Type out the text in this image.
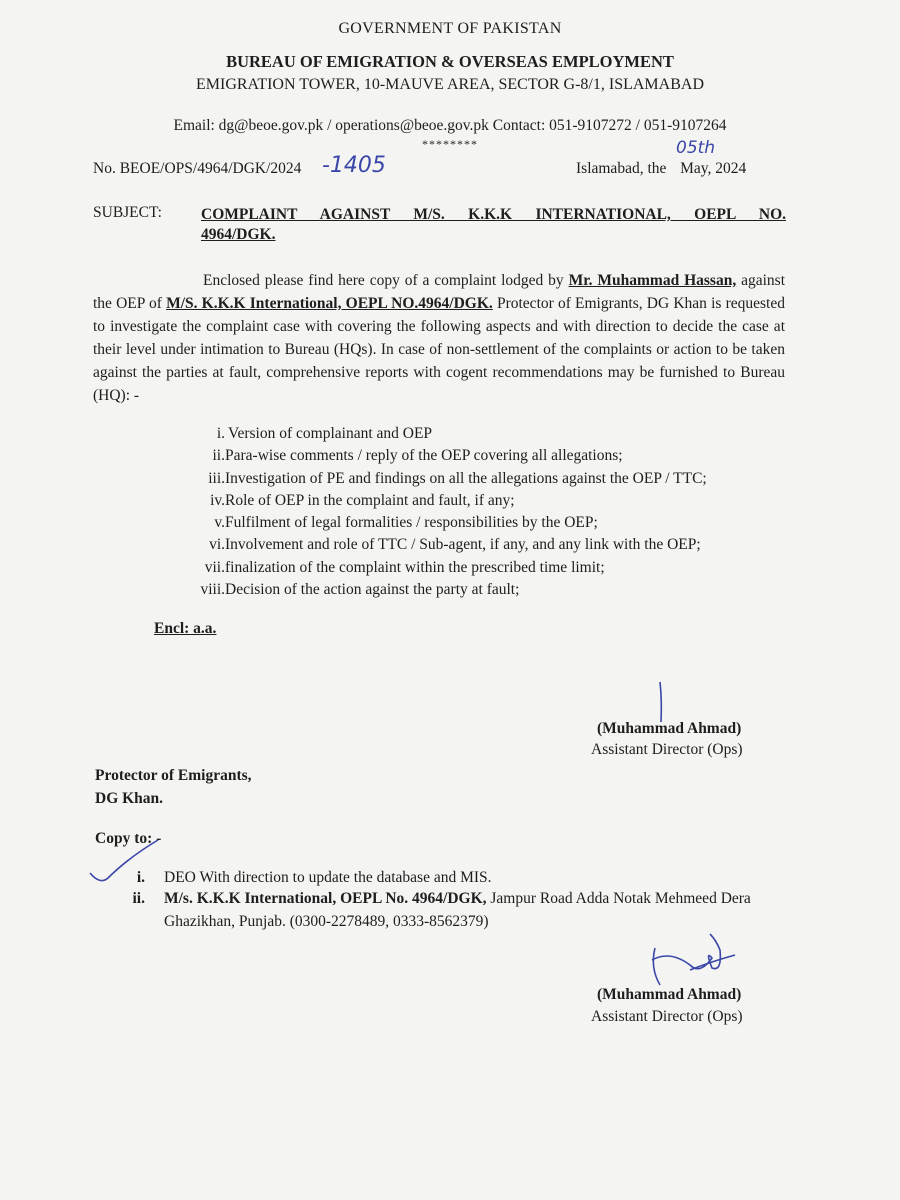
GOVERNMENT OF PAKISTAN
BUREAU OF EMIGRATION & OVERSEAS EMPLOYMENT
EMIGRATION TOWER, 10-MAUVE AREA, SECTOR G-8/1, ISLAMABAD
Email: dg@beoe.gov.pk / operations@beoe.gov.pk Contact: 051-9107272 / 051-9107264
********
No. BEOE/OPS/4964/DGK/2024 -1405	Islamabad, the May, 2024
05th
SUBJECT:	COMPLAINT AGAINST M/S. K.K.K INTERNATIONAL, OEPL NO.
4964/DGK.
Enclosed please find here copy of a complaint lodged by Mr. Muhammad Hassan, against the OEP of M/S. K.K.K International, OEPL NO.4964/DGK. Protector of Emigrants, DG Khan is requested to investigate the complaint case with covering the following aspects and with direction to decide the case at their level under intimation to Bureau (HQs). In case of non-settlement of the complaints or action to be taken against the parties at fault, comprehensive reports with cogent recommendations may be furnished to Bureau (HQ): -
i. Version of complainant and OEP
ii. Para-wise comments / reply of the OEP covering all allegations;
iii. Investigation of PE and findings on all the allegations against the OEP / TTC;
iv. Role of OEP in the complaint and fault, if any;
v. Fulfilment of legal formalities / responsibilities by the OEP;
vi. Involvement and role of TTC / Sub-agent, if any, and any link with the OEP;
vii. finalization of the complaint within the prescribed time limit;
viii. Decision of the action against the party at fault;
Encl: a.a.
(Muhammad Ahmad)
Assistant Director (Ops)
Protector of Emigrants,
DG Khan.
Copy to: -
i. DEO With direction to update the database and MIS.
ii. M/s. K.K.K International, OEPL No. 4964/DGK, Jampur Road Adda Notak Mehmeed Dera Ghazikhan, Punjab. (0300-2278489, 0333-8562379)
(Muhammad Ahmad)
Assistant Director (Ops)
